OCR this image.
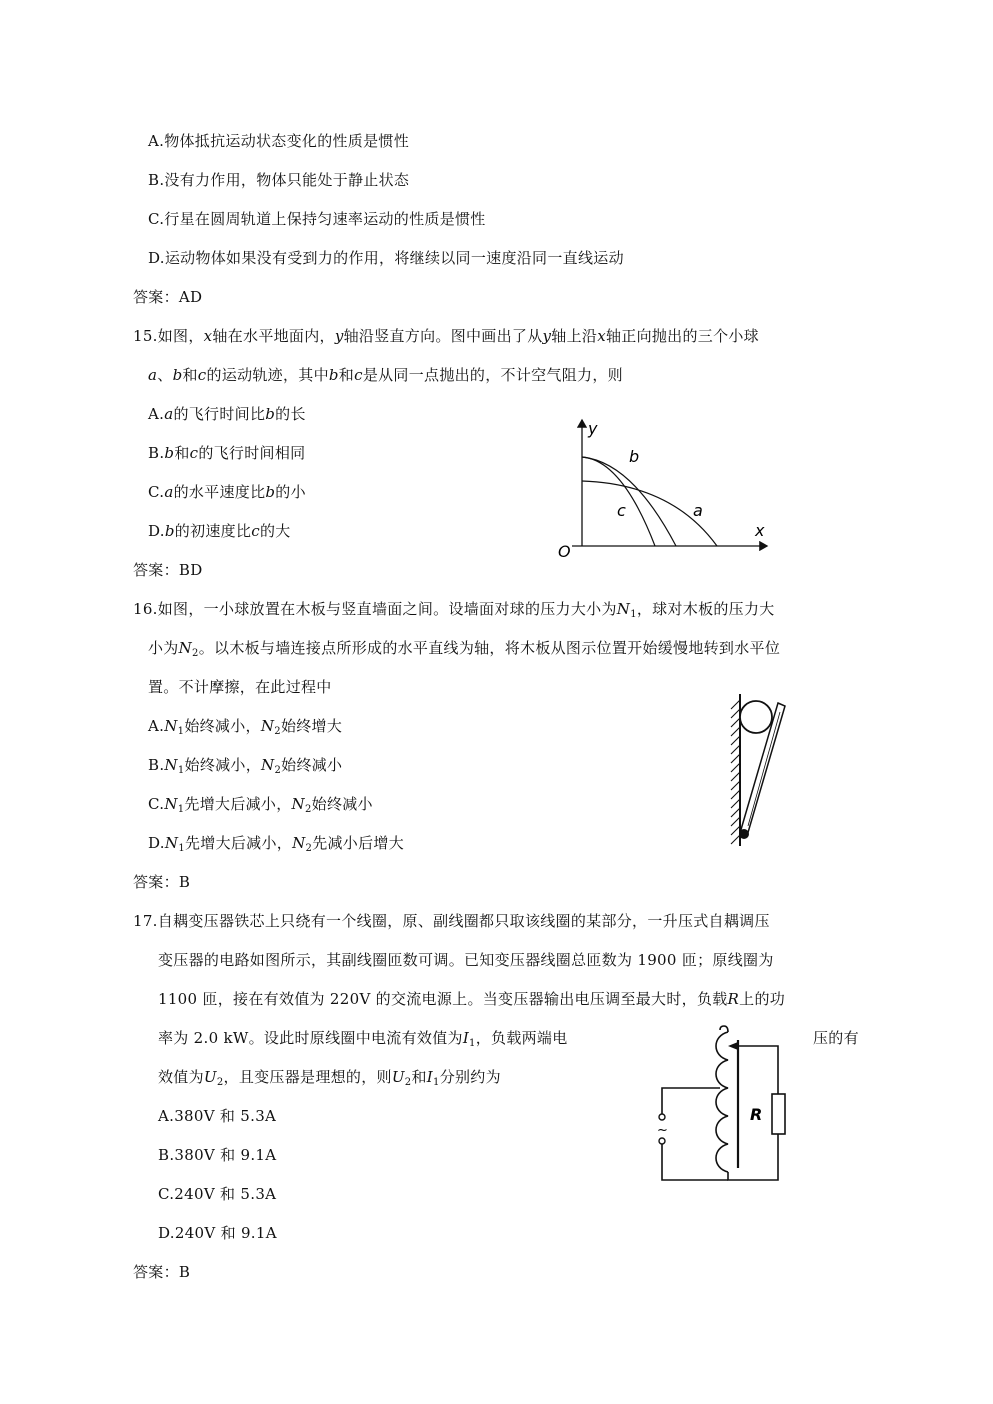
A.物体抵抗运动状态变化的性质是惯性
B.没有力作用，物体只能处于静止状态
C.行星在圆周轨道上保持匀速率运动的性质是惯性
D.运动物体如果没有受到力的作用，将继续以同一速度沿同一直线运动
答案：AD
15.如图，x轴在水平地面内，y轴沿竖直方向。图中画出了从y轴上沿x轴正向抛出的三个小球
a、b和c的运动轨迹，其中b和c是从同一点抛出的，不计空气阻力，则
A.a的飞行时间比b的长
B.b和c的飞行时间相同
C.a的水平速度比b的小
D.b的初速度比c的大
答案：BD
y
x
O
b
c	a
16.如图，一小球放置在木板与竖直墙面之间。设墙面对球的压力大小为$N_1$，球对木板的压力大
小为$N_2$。以木板与墙连接点所形成的水平直线为轴，将木板从图示位置开始缓慢地转到水平位
置。不计摩擦，在此过程中
$A.N_1$始终减小，$N_2$始终增大
$B.N_1$始终减小，$N_2$始终减小
$C.N_1$先增大后减小，$N_2$始终减小
$D.N_1$先增大后减小，$N_2$先减小后增大
答案：B
17.自耦变压器铁芯上只绕有一个线圈，原、副线圈都只取该线圈的某部分，一升压式自耦调压
变压器的电路如图所示，其副线圈匝数可调。已知变压器线圈总匝数为 1900 匝；原线圈为
1100 匝，接在有效值为 220V 的交流电源上。当变压器输出电压调至最大时，负载R上的功
率为 2.0 kW。设此时原线圈中电流有效值为$I_1$，负载两端电	压的有
效值为$U_2$，且变压器是理想的，则$U_2$和$I_1$分别约为
A.380V 和 5.3A
B.380V 和 9.1A
C.240V 和 5.3A
D.240V 和 9.1A
答案：B
~
R
